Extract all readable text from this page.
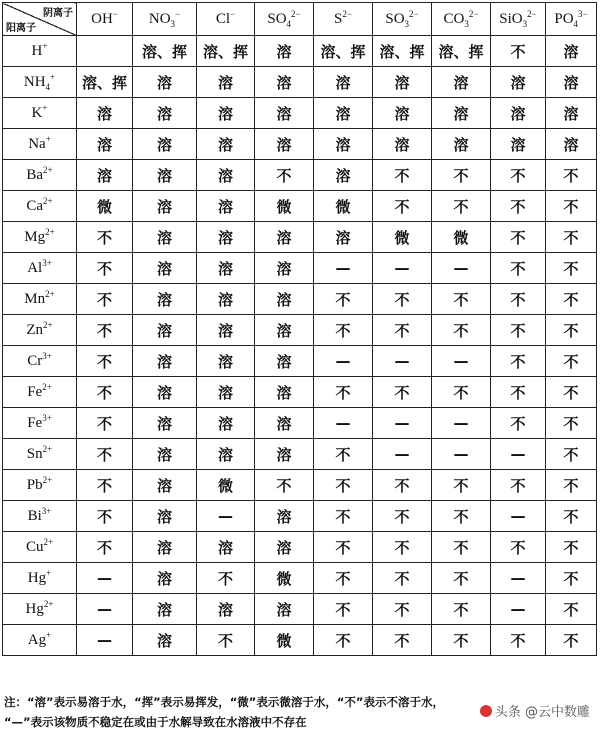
阴离子
阳离子	OH−	$NO_3^-$	Cl−	$SO_4^{2-}$	$S^{2-}$	$SO_3^{2-}$	$CO_3^{2-}$	SiO$_3^{2-}$	$PO_4^{3-}$
H+		溶、挥	溶、挥	溶	溶、挥	溶、挥	溶、挥	不	溶
$NH_4^+$	溶、挥	溶	溶	溶	溶	溶	溶	溶	溶
K+	溶	溶	溶	溶	溶	溶	溶	溶	溶
Na+	溶	溶	溶	溶	溶	溶	溶	溶	溶
$Ba^{2+}$	溶	溶	溶	不	溶	不	不	不	不
$Ca^{2+}$	微	溶	溶	微	微	不	不	不	不
$Mg^{2+}$	不	溶	溶	溶	溶	微	微	不	不
$Al^{3+}$	不	溶	溶	溶	—	—	—	不	不
$Mn^{2+}$	不	溶	溶	溶	不	不	不	不	不
$Zn^{2+}$	不	溶	溶	溶	不	不	不	不	不
$Cr^{3+}$	不	溶	溶	溶	—	—	—	不	不
$Fe^{2+}$	不	溶	溶	溶	不	不	不	不	不
$Fe^{3+}$	不	溶	溶	溶	—	—	—	不	不
$Sn^{2+}$	不	溶	溶	溶	不	—	—	—	不
$Pb^{2+}$	不	溶	微	不	不	不	不	不	不
$Bi^{3+}$	不	溶	—	溶	不	不	不	—	不
$Cu^{2+}$	不	溶	溶	溶	不	不	不	不	不
Hg+	—	溶	不	微	不	不	不	—	不
$Hg^{2+}$	—	溶	溶	溶	不	不	不	—	不
Ag+	—	溶	不	微	不	不	不	不	不
注：“溶”表示易溶于水，“挥”表示易挥发，“微”表示微溶于水，“不”表示不溶于水，
“—”表示该物质不稳定在或由于水解导致在水溶液中不存在
头条 @云中数雕
